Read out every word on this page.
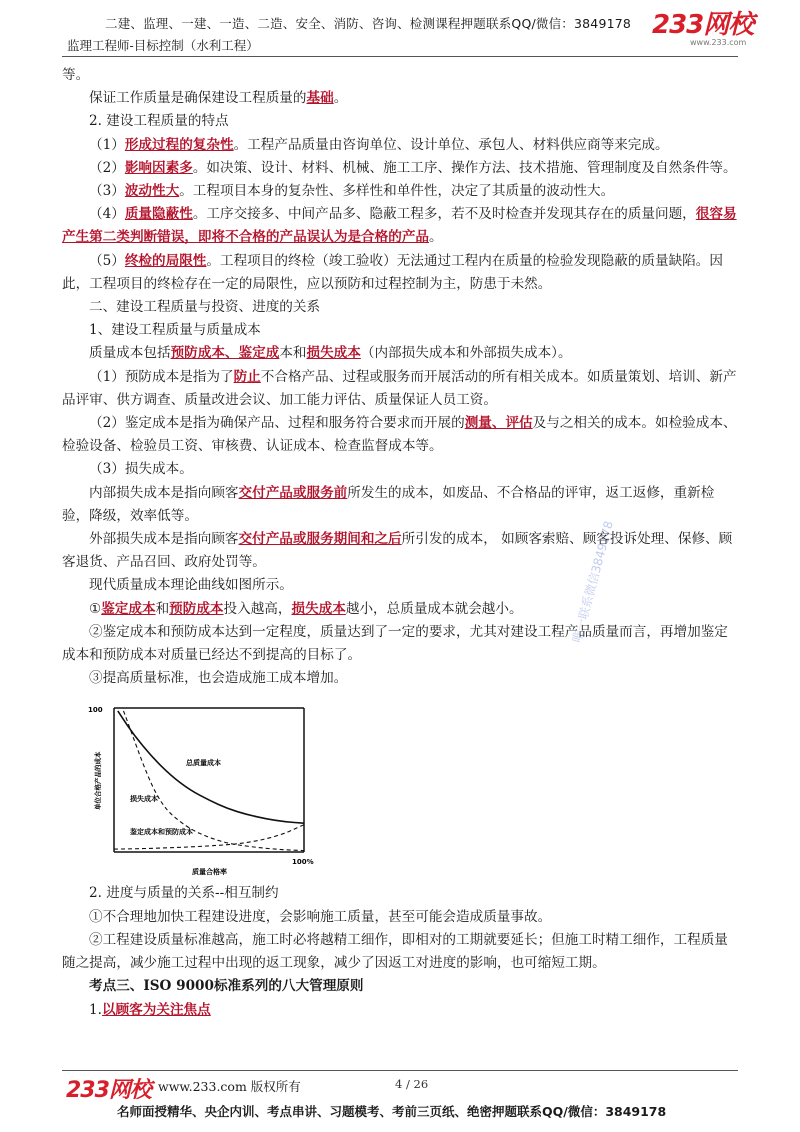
二建、监理、一建、一造、二造、安全、消防、咨询、检测课程押题联系QQ/微信：3849178
监理工程师-目标控制（水利工程）
233网校
www.233.com

等。

保证工作质量是确保建设工程质量的基础。

2. 建设工程质量的特点

（1）形成过程的复杂性。工程产品质量由咨询单位、设计单位、承包人、材料供应商等来完成。

（2）影响因素多。如决策、设计、材料、机械、施工工序、操作方法、技术措施、管理制度及自然条件等。

（3）波动性大。工程项目本身的复杂性、多样性和单件性，决定了其质量的波动性大。

（4）质量隐蔽性。工序交接多、中间产品多、隐蔽工程多，若不及时检查并发现其存在的质量问题，很容易产生第二类判断错误，即将不合格的产品误认为是合格的产品。

（5）终检的局限性。工程项目的终检（竣工验收）无法通过工程内在质量的检验发现隐蔽的质量缺陷。因此，工程项目的终检存在一定的局限性，应以预防和过程控制为主，防患于未然。

二、建设工程质量与投资、进度的关系

1、建设工程质量与质量成本

质量成本包括预防成本、鉴定成本和损失成本（内部损失成本和外部损失成本）。

（1）预防成本是指为了防止不合格产品、过程或服务而开展活动的所有相关成本。如质量策划、培训、新产品评审、供方调查、质量改进会议、加工能力评估、质量保证人员工资。

（2）鉴定成本是指为确保产品、过程和服务符合要求而开展的测量、评估及与之相关的成本。如检验成本、检验设备、检验员工资、审核费、认证成本、检查监督成本等。

（3）损失成本。

内部损失成本是指向顾客交付产品或服务前所发生的成本，如废品、不合格品的评审，返工返修，重新检验，降级，效率低等。

外部损失成本是指向顾客交付产品或服务期间和之后所引发的成本， 如顾客索赔、顾客投诉处理、保修、顾客退货、产品召回、政府处罚等。

现代质量成本理论曲线如图所示。

①鉴定成本和预防成本投入越高，损失成本越小，总质量成本就会越小。

②鉴定成本和预防成本达到一定程度，质量达到了一定的要求，尤其对建设工程产品质量而言，再增加鉴定成本和预防成本对质量已经达不到提高的目标了。

③提高质量标准，也会造成施工成本增加。

2. 进度与质量的关系--相互制约

①不合理地加快工程建设进度，会影响施工质量，甚至可能会造成质量事故。

②工程建设质量标准越高，施工时必将越精工细作，即相对的工期就要延长；但施工时精工细作，工程质量随之提高，减少施工过程中出现的返工现象，减少了因返工对进度的影响，也可缩短工期。

考点三、ISO 9000标准系列的八大管理原则

1.以顾客为关注焦点

100
100%
质量合格率
单位合格产品的成本	总质量成本
损失成本
鉴定成本和预防成本
唯一联系微信3849178
233网校 www.233.com 版权所有	4 / 26
名师面授精华、央企内训、考点串讲、习题模考、考前三页纸、绝密押题联系QQ/微信：3849178
